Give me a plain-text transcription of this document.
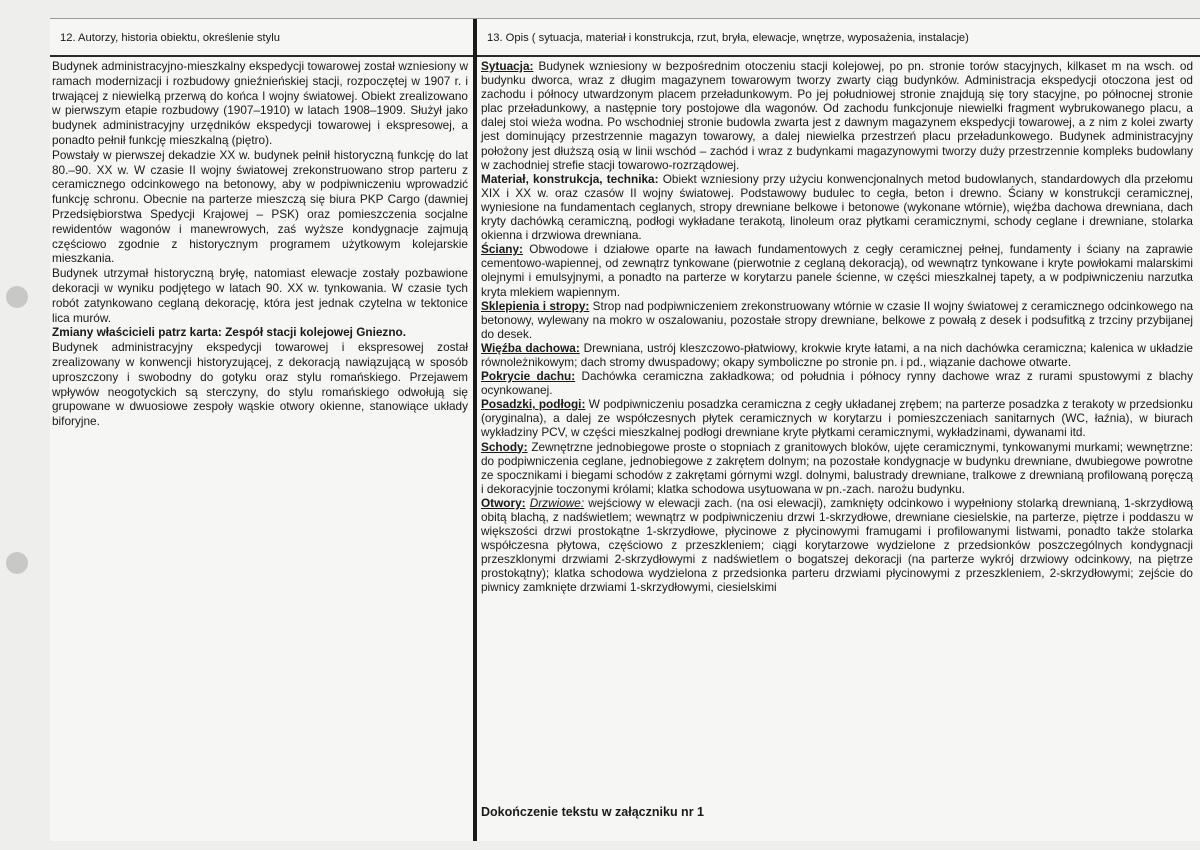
12. Autorzy, historia obiektu, określenie stylu	13. Opis ( sytuacja, materiał i konstrukcja, rzut, bryła, elewacje, wnętrze, wyposażenia, instalacje)

Budynek administracyjno-mieszkalny ekspedycji towarowej został wzniesiony w ramach modernizacji i rozbudowy gnieźnieńskiej stacji, rozpoczętej w 1907 r. i trwającej z niewielką przerwą do końca I wojny światowej. Obiekt zrealizowano w pierwszym etapie rozbudowy (1907–1910) w latach 1908–1909. Służył jako budynek administracyjny urzędników ekspedycji towarowej i ekspresowej, a ponadto pełnił funkcję mieszkalną (piętro).

Powstały w pierwszej dekadzie XX w. budynek pełnił historyczną funkcję do lat 80.–90. XX w. W czasie II wojny światowej zrekonstruowano strop parteru z ceramicznego odcinkowego na betonowy, aby w podpiwniczeniu wprowadzić funkcję schronu. Obecnie na parterze mieszczą się biura PKP Cargo (dawniej Przedsiębiorstwa Spedycji Krajowej – PSK) oraz pomieszczenia socjalne rewidentów wagonów i manewrowych, zaś wyższe kondygnacje zajmują częściowo zgodnie z historycznym programem użytkowym kolejarskie mieszkania.

Budynek utrzymał historyczną bryłę, natomiast elewacje zostały pozbawione dekoracji w wyniku podjętego w latach 90. XX w. tynkowania. W czasie tych robót zatynkowano ceglaną dekorację, która jest jednak czytelna w tektonice lica murów.

Zmiany właścicieli patrz karta: Zespół stacji kolejowej Gniezno.

Budynek administracyjny ekspedycji towarowej i ekspresowej został zrealizowany w konwencji historyzującej, z dekoracją nawiązującą w sposób uproszczony i swobodny do gotyku oraz stylu romańskiego. Przejawem wpływów neogotyckich są sterczyny, do stylu romańskiego odwołują się grupowane w dwuosiowe zespoły wąskie otwory okienne, stanowiące układy biforyjne.

Sytuacja: Budynek wzniesiony w bezpośrednim otoczeniu stacji kolejowej, po pn. stronie torów stacyjnych, kilkaset m na wsch. od budynku dworca, wraz z długim magazynem towarowym tworzy zwarty ciąg budynków. Administracja ekspedycji otoczona jest od zachodu i północy utwardzonym placem przeładunkowym. Po jej południowej stronie znajdują się tory stacyjne, po północnej stronie plac przeładunkowy, a następnie tory postojowe dla wagonów. Od zachodu funkcjonuje niewielki fragment wybrukowanego placu, a dalej stoi wieża wodna. Po wschodniej stronie budowla zwarta jest z dawnym magazynem ekspedycji towarowej, a z nim z kolei zwarty jest dominujący przestrzennie magazyn towarowy, a dalej niewielka przestrzeń placu przeładunkowego. Budynek administracyjny położony jest dłuższą osią w linii wschód – zachód i wraz z budynkami magazynowymi tworzy duży przestrzennie kompleks budowlany w zachodniej strefie stacji towarowo-rozrządowej.

Materiał, konstrukcja, technika: Obiekt wzniesiony przy użyciu konwencjonalnych metod budowlanych, standardowych dla przełomu XIX i XX w. oraz czasów II wojny światowej. Podstawowy budulec to cegła, beton i drewno. Ściany w konstrukcji ceramicznej, wyniesione na fundamentach ceglanych, stropy drewniane belkowe i betonowe (wykonane wtórnie), więźba dachowa drewniana, dach kryty dachówką ceramiczną, podłogi wykładane terakotą, linoleum oraz płytkami ceramicznymi, schody ceglane i drewniane, stolarka okienna i drzwiowa drewniana.

Ściany: Obwodowe i działowe oparte na ławach fundamentowych z cegły ceramicznej pełnej, fundamenty i ściany na zaprawie cementowo-wapiennej, od zewnątrz tynkowane (pierwotnie z ceglaną dekoracją), od wewnątrz tynkowane i kryte powłokami malarskimi olejnymi i emulsyjnymi, a ponadto na parterze w korytarzu panele ścienne, w części mieszkalnej tapety, a w podpiwniczeniu narzutka kryta mlekiem wapiennym.

Sklepienia i stropy: Strop nad podpiwniczeniem zrekonstruowany wtórnie w czasie II wojny światowej z ceramicznego odcinkowego na betonowy, wylewany na mokro w oszalowaniu, pozostałe stropy drewniane, belkowe z powałą z desek i podsufitką z trzciny przybijanej do desek.

Więźba dachowa: Drewniana, ustrój kleszczowo-płatwiowy, krokwie kryte łatami, a na nich dachówka ceramiczna; kalenica w układzie równoleżnikowym; dach stromy dwuspadowy; okapy symboliczne po stronie pn. i pd., wiązanie dachowe otwarte.

Pokrycie dachu: Dachówka ceramiczna zakładkowa; od południa i północy rynny dachowe wraz z rurami spustowymi z blachy ocynkowanej.

Posadzki, podłogi: W podpiwniczeniu posadzka ceramiczna z cegły układanej zrębem; na parterze posadzka z terakoty w przedsionku (oryginalna), a dalej ze współczesnych płytek ceramicznych w korytarzu i pomieszczeniach sanitarnych (WC, łaźnia), w biurach wykładziny PCV, w części mieszkalnej podłogi drewniane kryte płytkami ceramicznymi, wykładzinami, dywanami itd.

Schody: Zewnętrzne jednobiegowe proste o stopniach z granitowych bloków, ujęte ceramicznymi, tynkowanymi murkami; wewnętrzne: do podpiwniczenia ceglane, jednobiegowe z zakrętem dolnym; na pozostałe kondygnacje w budynku drewniane, dwubiegowe powrotne ze spocznikami i biegami schodów z zakrętami górnymi wzgl. dolnymi, balustrady drewniane, tralkowe z drewnianą profilowaną poręczą i dekoracyjnie toczonymi królami; klatka schodowa usytuowana w pn.-zach. narożu budynku.

Otwory: Drzwiowe: wejściowy w elewacji zach. (na osi elewacji), zamknięty odcinkowo i wypełniony stolarką drewnianą, 1-skrzydłową obitą blachą, z nadświetlem; wewnątrz w podpiwniczeniu drzwi 1-skrzydłowe, drewniane ciesielskie, na parterze, piętrze i poddaszu w większości drzwi prostokątne 1-skrzydłowe, płycinowe z płycinowymi framugami i profilowanymi listwami, ponadto także stolarka współczesna płytowa, częściowo z przeszkleniem; ciągi korytarzowe wydzielone z przedsionków poszczególnych kondygnacji przeszklonymi drzwiami 2-skrzydłowymi z nadświetlem o bogatszej dekoracji (na parterze wykrój drzwiowy odcinkowy, na piętrze prostokątny); klatka schodowa wydzielona z przedsionka parteru drzwiami płycinowymi z przeszkleniem, 2-skrzydłowymi; zejście do piwnicy zamknięte drzwiami 1-skrzydłowymi, ciesielskimi

Dokończenie tekstu w załączniku nr 1
